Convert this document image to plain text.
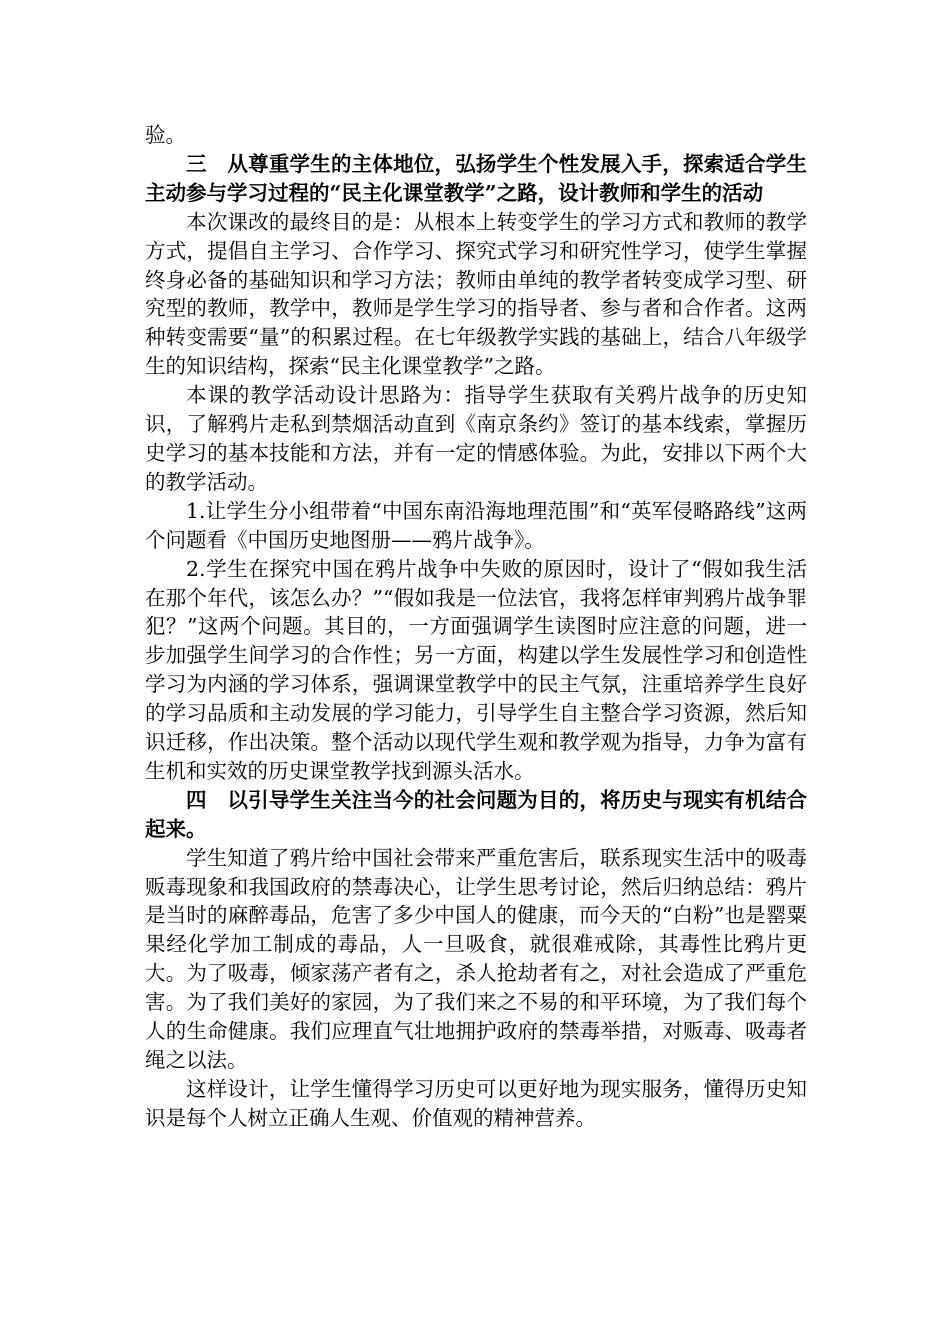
验。

三　从尊重学生的主体地位，弘扬学生个性发展入手，探索适合学生主动参与学习过程的“民主化课堂教学”之路，设计教师和学生的活动

本次课改的最终目的是：从根本上转变学生的学习方式和教师的教学方式，提倡自主学习、合作学习、探究式学习和研究性学习，使学生掌握终身必备的基础知识和学习方法；教师由单纯的教学者转变成学习型、研究型的教师，教学中，教师是学生学习的指导者、参与者和合作者。这两种转变需要“量”的积累过程。在七年级教学实践的基础上，结合八年级学生的知识结构，探索“民主化课堂教学”之路。

本课的教学活动设计思路为：指导学生获取有关鸦片战争的历史知识，了解鸦片走私到禁烟活动直到《南京条约》签订的基本线索，掌握历史学习的基本技能和方法，并有一定的情感体验。为此，安排以下两个大的教学活动。

1.让学生分小组带着“中国东南沿海地理范围”和“英军侵略路线”这两个问题看《中国历史地图册——鸦片战争》。

2.学生在探究中国在鸦片战争中失败的原因时，设计了“假如我生活在那个年代，该怎么办？”“假如我是一位法官，我将怎样审判鸦片战争罪犯？”这两个问题。其目的，一方面强调学生读图时应注意的问题，进一步加强学生间学习的合作性；另一方面，构建以学生发展性学习和创造性学习为内涵的学习体系，强调课堂教学中的民主气氛，注重培养学生良好的学习品质和主动发展的学习能力，引导学生自主整合学习资源，然后知识迁移，作出决策。整个活动以现代学生观和教学观为指导，力争为富有生机和实效的历史课堂教学找到源头活水。

四　以引导学生关注当今的社会问题为目的，将历史与现实有机结合起来。

学生知道了鸦片给中国社会带来严重危害后，联系现实生活中的吸毒贩毒现象和我国政府的禁毒决心，让学生思考讨论，然后归纳总结：鸦片是当时的麻醉毒品，危害了多少中国人的健康，而今天的“白粉”也是罂粟果经化学加工制成的毒品，人一旦吸食，就很难戒除，其毒性比鸦片更大。为了吸毒，倾家荡产者有之，杀人抢劫者有之，对社会造成了严重危害。为了我们美好的家园，为了我们来之不易的和平环境，为了我们每个人的生命健康。我们应理直气壮地拥护政府的禁毒举措，对贩毒、吸毒者绳之以法。

这样设计，让学生懂得学习历史可以更好地为现实服务，懂得历史知识是每个人树立正确人生观、价值观的精神营养。
